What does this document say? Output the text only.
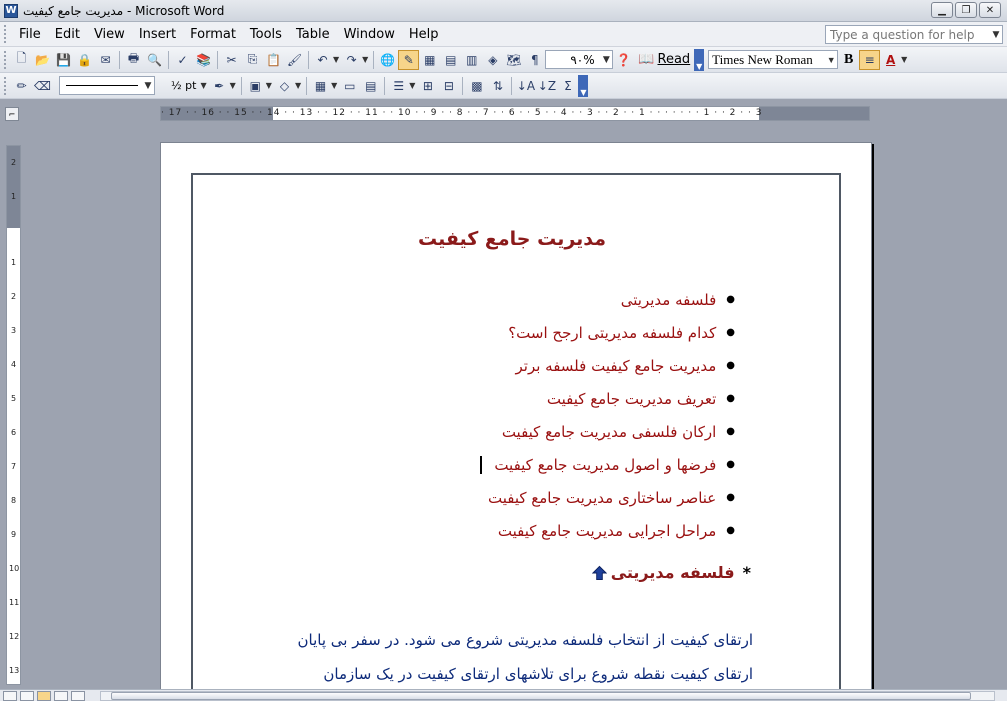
W مديريت جامع کيفيت - Microsoft Word	▁ ❐ ✕
File	Edit	View	Insert	Format	Tools	Table	Window	Help	Type a question for help ▼
🗋 📂 💾 🔒 ✉ 🖶 🔍 ✓ 📚 ✂ ⎘ 📋 🖌 ↶ ▼ ↷ ▼ 🌐 ✎ ▦ ▤ ▥ ◈ 🗺 ¶	٩٠% ▼ ❓ 📖 Read ▼ Times New Roman ▼ B ≡ A ▼
✏ ⌫	▼ ½ pt ▼ ✒ ▼ ▣ ▼ ◇ ▼ ▦ ▼ ▭ ▤ ☰ ▼ ⊞ ⊟ ▩ ⇅ ↓A ↓Z Σ ▼
⌐	· 17 · · 16 · · 15 · · 14 · · 13 · · 12 · · 11 · · 10 · · 9 · · 8 · · 7 · · 6 · · 5 · · 4 · · 3 · · 2 · · 1 · · · · · · · 1 · · 2 · · 3
2
1
1
2
3
4
5
6
7
8
9
10
11
12
13
مديريت جامع کيفيت
●
فلسفه مديريتی
●
کدام فلسفه مديريتی ارجح است؟
●
مديريت جامع کيفيت فلسفه برتر
●
تعريف مديريت جامع کيفيت
●
ارکان فلسفی مديريت جامع کيفيت
●
فرضها و اصول مديريت جامع کيفيت
●
عناصر ساختاری مديريت جامع کيفيت
●
مراحل اجرايی مديريت جامع کيفيت
*
فلسفه مديريتی
ارتقای کيفيت از انتخاب فلسفه مديريتی شروع می شود. در سفر بی پايان
ارتقای کيفيت نقطه شروع برای تلاشهای ارتقای کيفيت در يک سازمان
